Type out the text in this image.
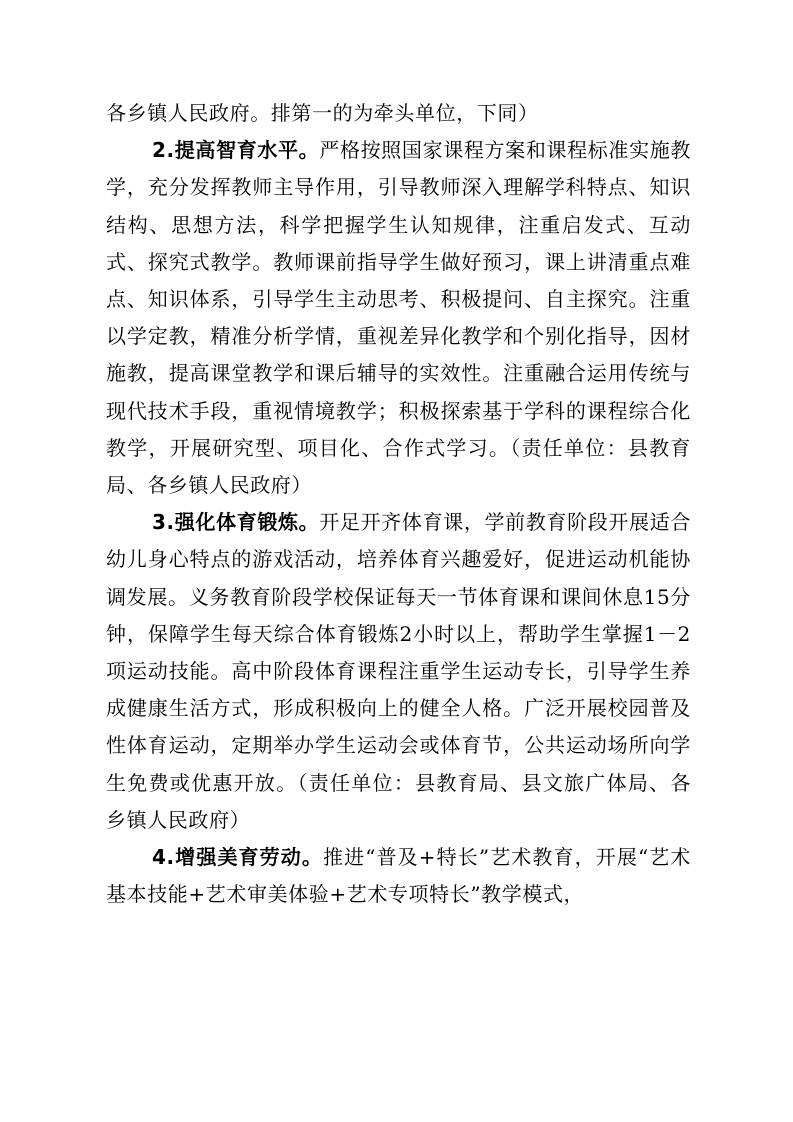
各乡镇人民政府。排第一的为牵头单位，下同）

2.提高智育水平。严格按照国家课程方案和课程标准实施教学，充分发挥教师主导作用，引导教师深入理解学科特点、知识结构、思想方法，科学把握学生认知规律，注重启发式、互动式、探究式教学。教师课前指导学生做好预习，课上讲清重点难点、知识体系，引导学生主动思考、积极提问、自主探究。注重以学定教，精准分析学情，重视差异化教学和个别化指导，因材施教，提高课堂教学和课后辅导的实效性。注重融合运用传统与现代技术手段，重视情境教学；积极探索基于学科的课程综合化教学，开展研究型、项目化、合作式学习。（责任单位：县教育局、各乡镇人民政府）

3.强化体育锻炼。开足开齐体育课，学前教育阶段开展适合幼儿身心特点的游戏活动，培养体育兴趣爱好，促进运动机能协调发展。义务教育阶段学校保证每天一节体育课和课间休息15分钟，保障学生每天综合体育锻炼2小时以上，帮助学生掌握1－2项运动技能。高中阶段体育课程注重学生运动专长，引导学生养成健康生活方式，形成积极向上的健全人格。广泛开展校园普及性体育运动，定期举办学生运动会或体育节，公共运动场所向学生免费或优惠开放。（责任单位：县教育局、县文旅广体局、各乡镇人民政府）

4.增强美育劳动。推进“普及+特长”艺术教育，开展“艺术基本技能+艺术审美体验+艺术专项特长”教学模式，
